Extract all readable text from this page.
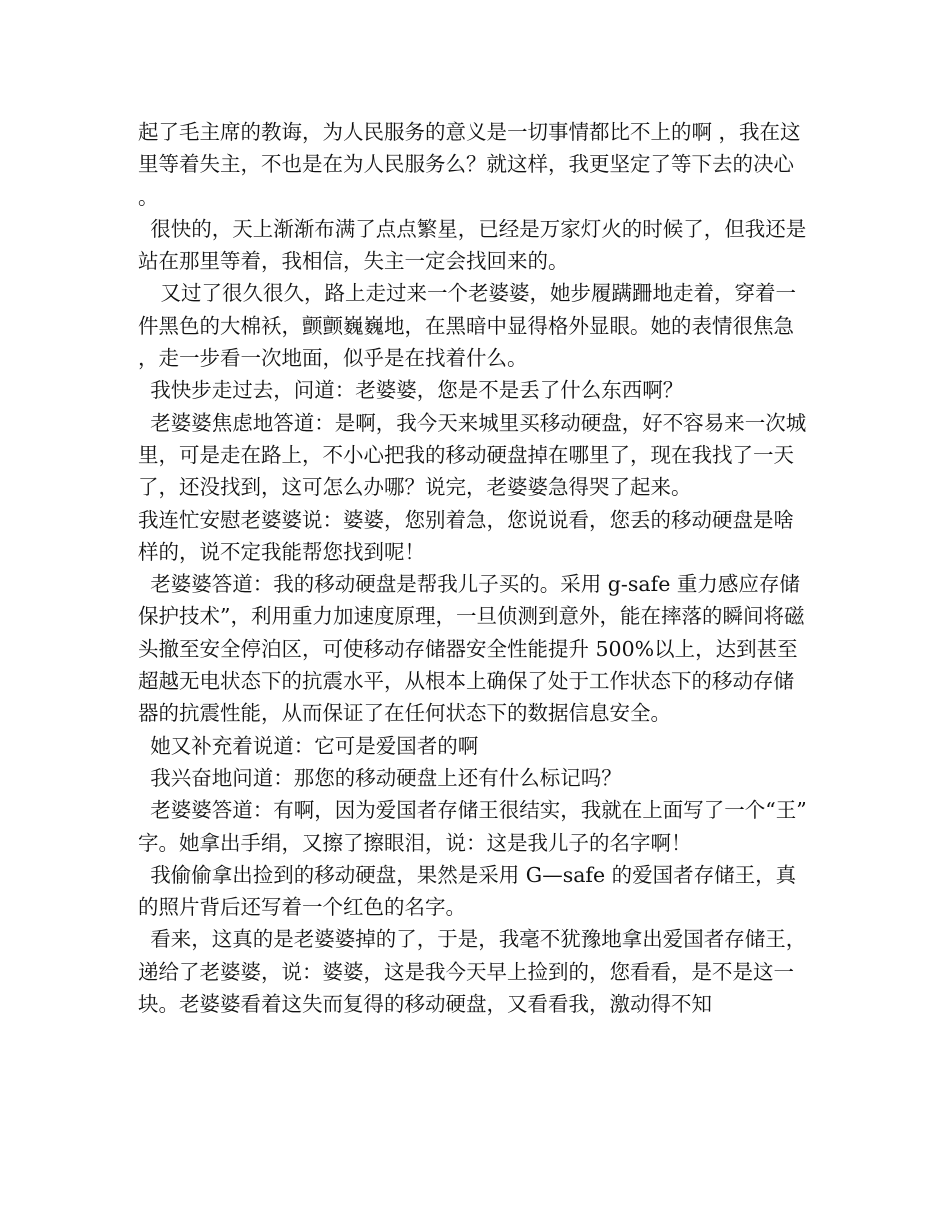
起了毛主席的教诲，为人民服务的意义是一切事情都比不上的啊 ，我在这里等着失主，不也是在为人民服务么？就这样，我更坚定了等下去的决心。

很快的，天上渐渐布满了点点繁星，已经是万家灯火的时候了，但我还是站在那里等着，我相信，失主一定会找回来的。

又过了很久很久，路上走过来一个老婆婆，她步履蹒跚地走着，穿着一件黑色的大棉袄，颤颤巍巍地，在黑暗中显得格外显眼。她的表情很焦急，走一步看一次地面，似乎是在找着什么。

我快步走过去，问道：老婆婆，您是不是丢了什么东西啊？

老婆婆焦虑地答道：是啊，我今天来城里买移动硬盘，好不容易来一次城里，可是走在路上，不小心把我的移动硬盘掉在哪里了，现在我找了一天了，还没找到，这可怎么办哪？说完，老婆婆急得哭了起来。

我连忙安慰老婆婆说：婆婆，您别着急，您说说看，您丢的移动硬盘是啥样的，说不定我能帮您找到呢！

老婆婆答道：我的移动硬盘是帮我儿子买的。采用 g-safe 重力感应存储保护技术”，利用重力加速度原理，一旦侦测到意外，能在摔落的瞬间将磁头撤至安全停泊区，可使移动存储器安全性能提升 500%以上，达到甚至超越无电状态下的抗震水平，从根本上确保了处于工作状态下的移动存储器的抗震性能，从而保证了在任何状态下的数据信息安全。

她又补充着说道：它可是爱国者的啊

我兴奋地问道：那您的移动硬盘上还有什么标记吗？

老婆婆答道：有啊，因为爱国者存储王很结实，我就在上面写了一个“王”字。她拿出手绢，又擦了擦眼泪，说：这是我儿子的名字啊！

我偷偷拿出捡到的移动硬盘，果然是采用 G—safe 的爱国者存储王，真的照片背后还写着一个红色的名字。

看来，这真的是老婆婆掉的了，于是，我毫不犹豫地拿出爱国者存储王，递给了老婆婆，说：婆婆，这是我今天早上捡到的，您看看，是不是这一块。老婆婆看着这失而复得的移动硬盘，又看看我，激动得不知
